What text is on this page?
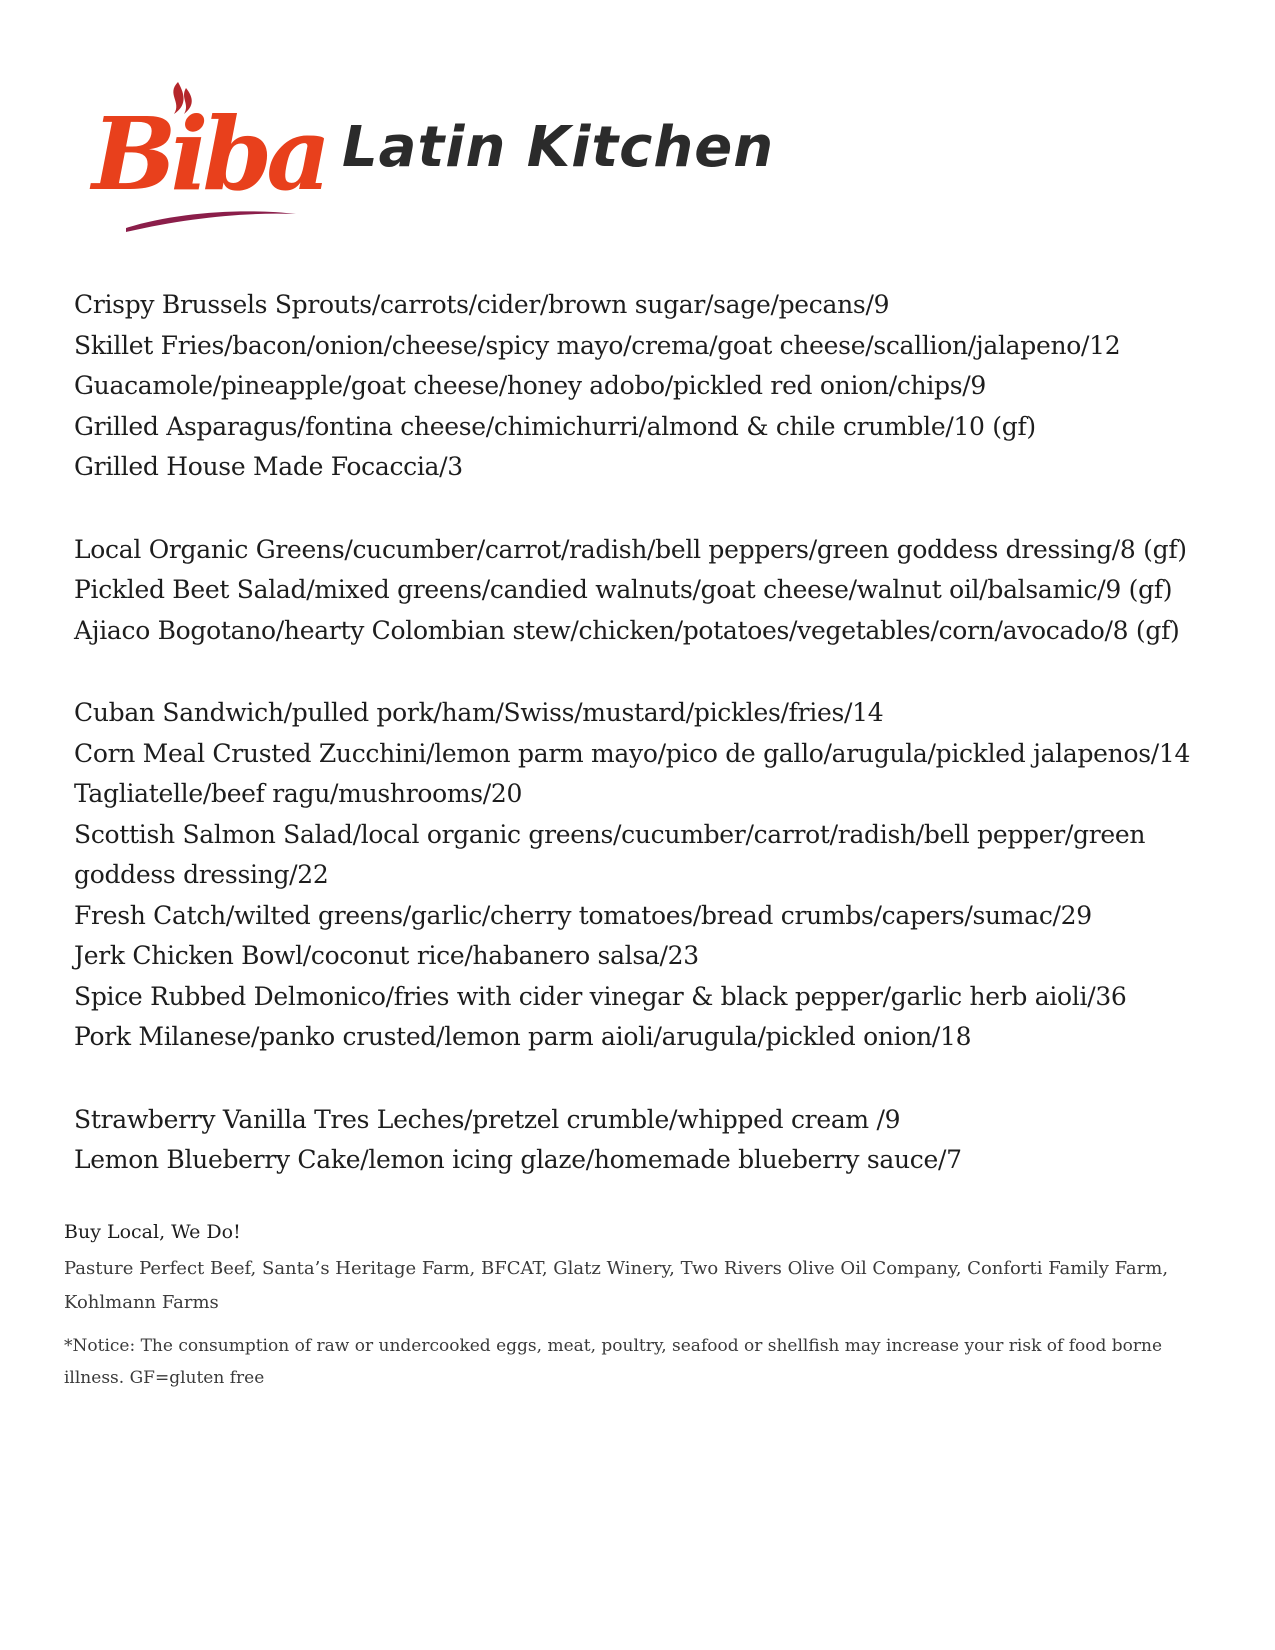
Biba Latin Kitchen
Crispy Brussels Sprouts/carrots/cider/brown sugar/sage/pecans/9
Skillet Fries/bacon/onion/cheese/spicy mayo/crema/goat cheese/scallion/jalapeno/12
Guacamole/pineapple/goat cheese/honey adobo/pickled red onion/chips/9
Grilled Asparagus/fontina cheese/chimichurri/almond & chile crumble/10 (gf)
Grilled House Made Focaccia/3
Local Organic Greens/cucumber/carrot/radish/bell peppers/green goddess dressing/8 (gf)
Pickled Beet Salad/mixed greens/candied walnuts/goat cheese/walnut oil/balsamic/9 (gf)
Ajiaco Bogotano/hearty Colombian stew/chicken/potatoes/vegetables/corn/avocado/8 (gf)
Cuban Sandwich/pulled pork/ham/Swiss/mustard/pickles/fries/14
Corn Meal Crusted Zucchini/lemon parm mayo/pico de gallo/arugula/pickled jalapenos/14
Tagliatelle/beef ragu/mushrooms/20
Scottish Salmon Salad/local organic greens/cucumber/carrot/radish/bell pepper/green goddess dressing/22
Fresh Catch/wilted greens/garlic/cherry tomatoes/bread crumbs/capers/sumac/29
Jerk Chicken Bowl/coconut rice/habanero salsa/23
Spice Rubbed Delmonico/fries with cider vinegar & black pepper/garlic herb aioli/36
Pork Milanese/panko crusted/lemon parm aioli/arugula/pickled onion/18
Strawberry Vanilla Tres Leches/pretzel crumble/whipped cream /9
Lemon Blueberry Cake/lemon icing glaze/homemade blueberry sauce/7
Buy Local, We Do!
Pasture Perfect Beef, Santa’s Heritage Farm, BFCAT, Glatz Winery, Two Rivers Olive Oil Company, Conforti Family Farm, Kohlmann Farms
*Notice: The consumption of raw or undercooked eggs, meat, poultry, seafood or shellfish may increase your risk of food borne illness. GF=gluten free
